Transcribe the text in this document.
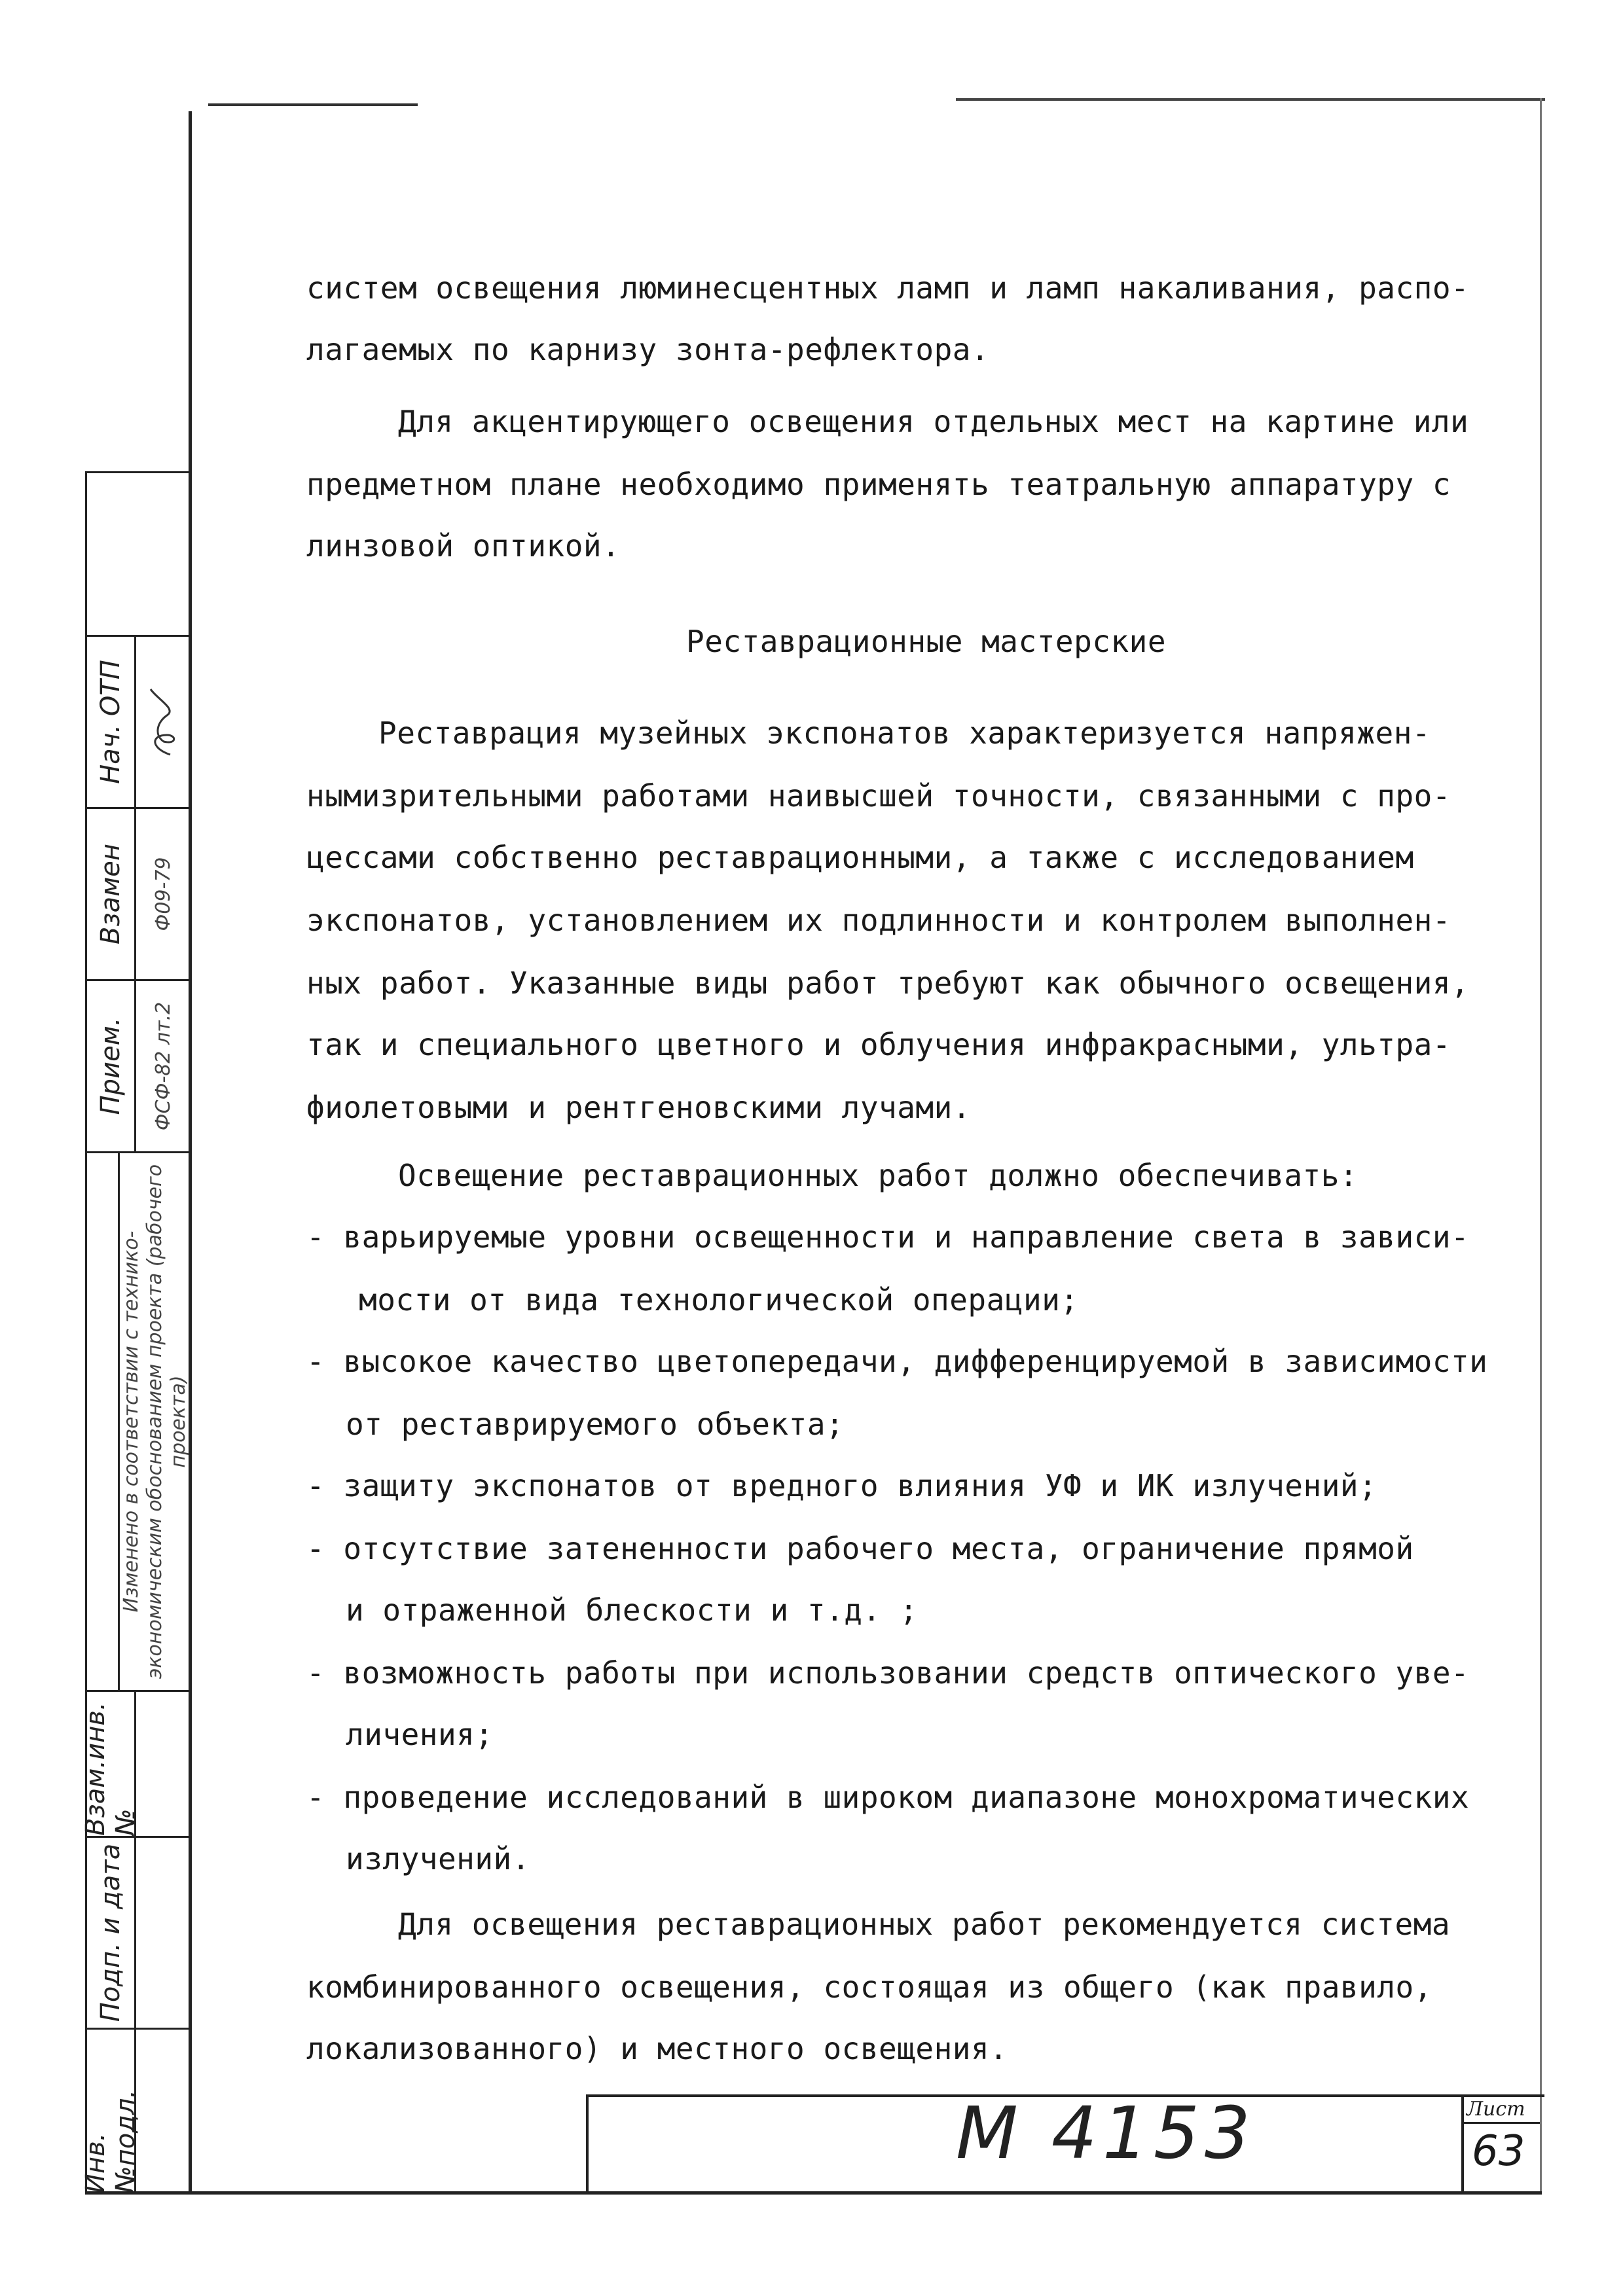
Инв.№подл.
Подп. и дата
Взам.инв.№
Изменено в соответствии с технико-экономическим обоснованием проекта (рабочего проекта)
Прием.	ФСФ-82 лт.2
Взамен	Ф09-79
Нач. ОТП
систем освещения люминесцентных ламп и ламп накаливания, распо-
лагаемых по карнизу зонта-рефлектора.
Для акцентирующего освещения отдельных мест на картине или
предметном плане необходимо применять театральную аппаратуру с
линзовой оптикой.
Реставрационные мастерские
Реставрация музейных экспонатов характеризуется напряжен-
нымизрительными работами наивысшей точности, связанными с про-
цессами собственно реставрационными, а также с исследованием
экспонатов, установлением их подлинности и контролем выполнен-
ных работ. Указанные виды работ требуют как обычного освещения,
так и специального цветного и облучения инфракрасными, ультра-
фиолетовыми и рентгеновскими лучами.
Освещение реставрационных работ должно обеспечивать:
- варьируемые уровни освещенности и направление света в зависи-
мости от вида технологической операции;
- высокое качество цветопередачи, дифференцируемой в зависимости
от реставрируемого объекта;
- защиту экспонатов от вредного влияния УФ и ИК излучений;
- отсутствие затененности рабочего места, ограничение прямой
и отраженной блескости и т.д. ;
- возможность работы при использовании средств оптического уве-
личения;
- проведение исследований в широком диапазоне монохроматических
излучений.
Для освещения реставрационных работ рекомендуется система
комбинированного освещения, состоящая из общего (как правило,
локализованного) и местного освещения.
М 4153	Лист
63
